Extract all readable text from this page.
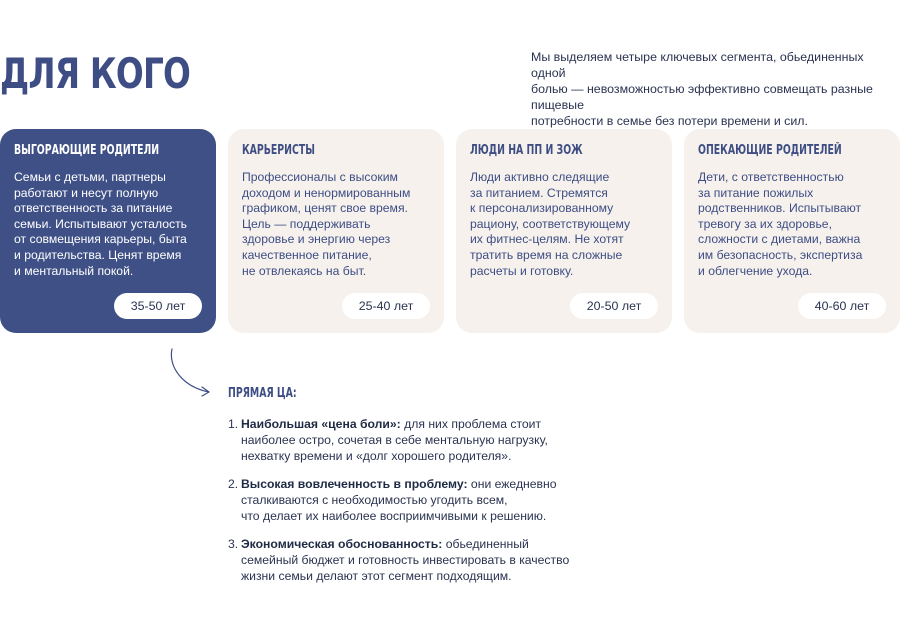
ДЛЯ КОГО	Мы выделяем четыре ключевых сегмента, обьединенных одной
болью — невозможностью эффективно совмещать разные пищевые
потребности в семье без потери времени и сил.

ВЫГОРАЮЩИЕ РОДИТЕЛИ

Семьи с детьми, партнеры
работают и несут полную
ответственность за питание
семьи. Испытывают усталость
от совмещения карьеры, быта
и родительства. Ценят время
и ментальный покой.

35-50 лет
КАРЬЕРИСТЫ

Профессионалы с высоким
доходом и ненормированным
графиком, ценят свое время.
Цель — поддерживать
здоровье и энергию через
качественное питание,
не отвлекаясь на быт.

25-40 лет
ЛЮДИ НА ПП И ЗОЖ

Люди активно следящие
за питанием. Стремятся
к персонализированному
рациону, соответствующему
их фитнес-целям. Не хотят
тратить время на сложные
расчеты и готовку.

20-50 лет
ОПЕКАЮЩИЕ РОДИТЕЛЕЙ

Дети, с ответственностью
за питание пожилых
родственников. Испытывают
тревогу за их здоровье,
сложности с диетами, важна
им безопасность, экспертиза
и облегчение ухода.

40-60 лет
ПРЯМАЯ ЦА:
1. Наибольшая «цена боли»: для них проблема стоит
наиболее остро, сочетая в себе ментальную нагрузку,
нехватку времени и «долг хорошего родителя».
2. Высокая вовлеченность в проблему: они ежедневно
сталкиваются с необходимостью угодить всем,
что делает их наиболее восприимчивыми к решению.
3. Экономическая обоснованность: обьединенный
семейный бюджет и готовность инвестировать в качество
жизни семьи делают этот сегмент подходящим.
